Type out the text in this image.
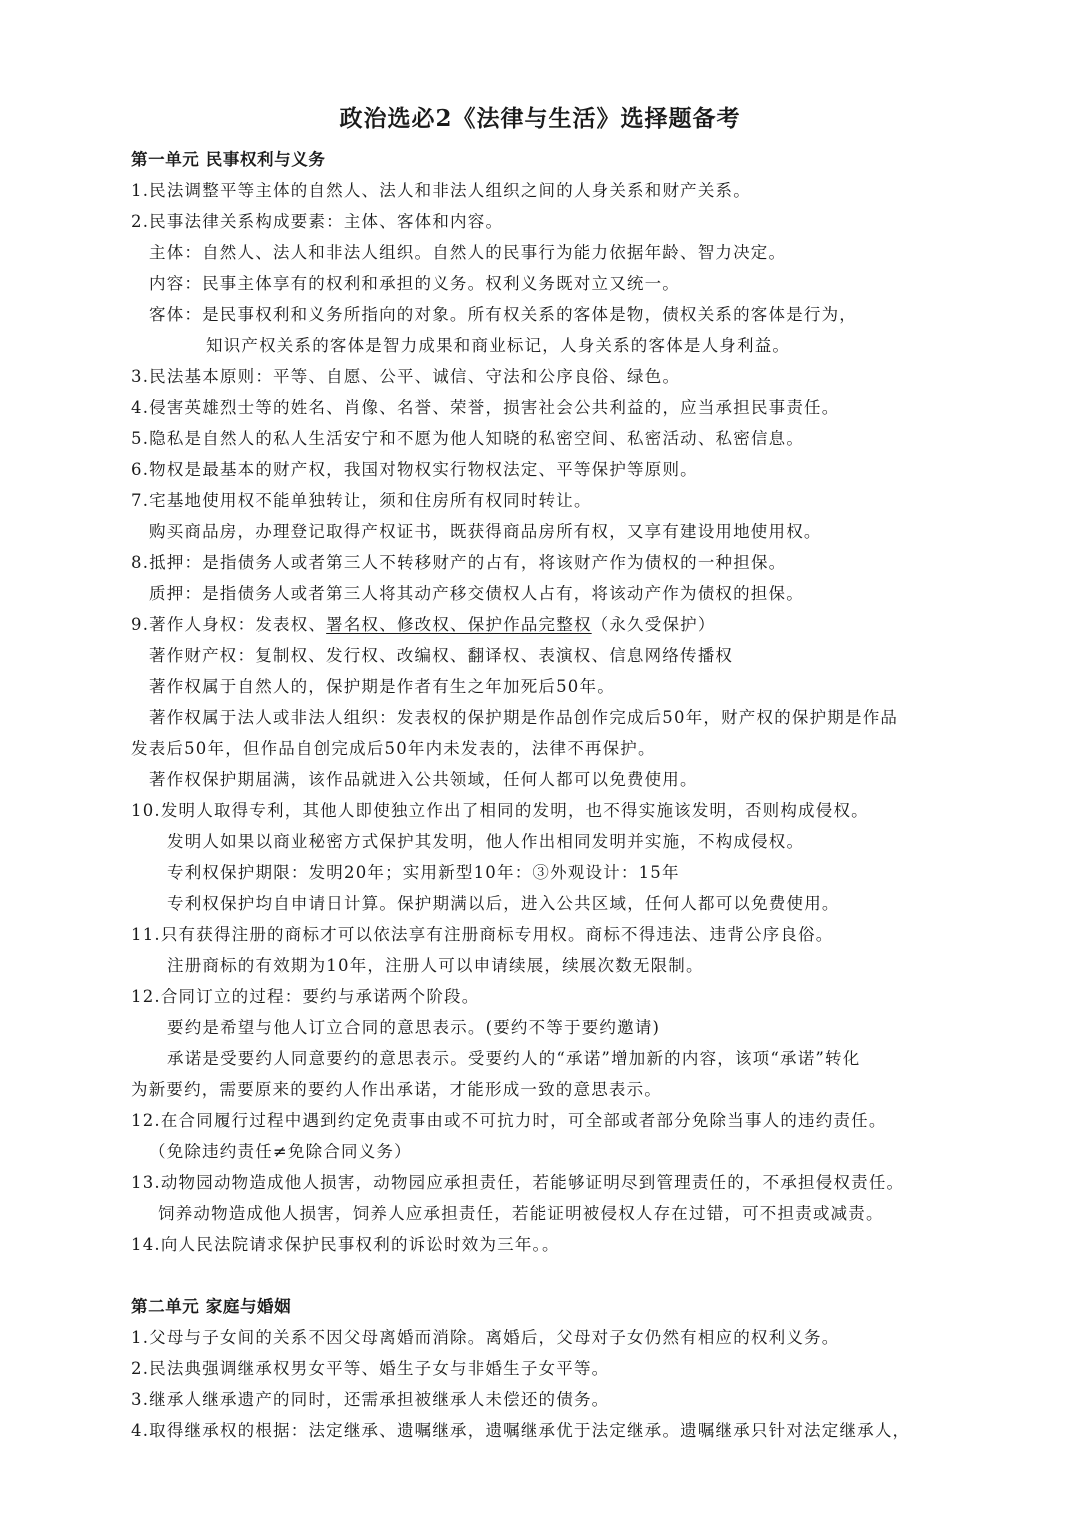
政治选必2《法律与生活》选择题备考
第一单元 民事权利与义务
1.民法调整平等主体的自然人、法人和非法人组织之间的人身关系和财产关系。
2.民事法律关系构成要素：主体、客体和内容。
主体：自然人、法人和非法人组织。自然人的民事行为能力依据年龄、智力决定。
内容：民事主体享有的权利和承担的义务。权利义务既对立又统一。
客体：是民事权利和义务所指向的对象。所有权关系的客体是物，债权关系的客体是行为，
知识产权关系的客体是智力成果和商业标记，人身关系的客体是人身利益。
3.民法基本原则：平等、自愿、公平、诚信、守法和公序良俗、绿色。
4.侵害英雄烈士等的姓名、肖像、名誉、荣誉，损害社会公共利益的，应当承担民事责任。
5.隐私是自然人的私人生活安宁和不愿为他人知晓的私密空间、私密活动、私密信息。
6.物权是最基本的财产权，我国对物权实行物权法定、平等保护等原则。
7.宅基地使用权不能单独转让，须和住房所有权同时转让。
购买商品房，办理登记取得产权证书，既获得商品房所有权，又享有建设用地使用权。
8.抵押：是指债务人或者第三人不转移财产的占有，将该财产作为债权的一种担保。
质押：是指债务人或者第三人将其动产移交债权人占有，将该动产作为债权的担保。
9.著作人身权：发表权、署名权、修改权、保护作品完整权（永久受保护）
著作财产权：复制权、发行权、改编权、翻译权、表演权、信息网络传播权
著作权属于自然人的，保护期是作者有生之年加死后50年。
著作权属于法人或非法人组织：发表权的保护期是作品创作完成后50年，财产权的保护期是作品
发表后50年，但作品自创完成后50年内未发表的，法律不再保护。
著作权保护期届满，该作品就进入公共领域，任何人都可以免费使用。
10.发明人取得专利，其他人即使独立作出了相同的发明，也不得实施该发明，否则构成侵权。
发明人如果以商业秘密方式保护其发明，他人作出相同发明并实施，不构成侵权。
专利权保护期限：发明20年；实用新型10年：③外观设计：15年
专利权保护均自申请日计算。保护期满以后，进入公共区域，任何人都可以免费使用。
11.只有获得注册的商标才可以依法享有注册商标专用权。商标不得违法、违背公序良俗。
注册商标的有效期为10年，注册人可以申请续展，续展次数无限制。
12.合同订立的过程：要约与承诺两个阶段。
要约是希望与他人订立合同的意思表示。(要约不等于要约邀请)
承诺是受要约人同意要约的意思表示。受要约人的“承诺”增加新的内容，该项“承诺”转化
为新要约，需要原来的要约人作出承诺，才能形成一致的意思表示。
12.在合同履行过程中遇到约定免责事由或不可抗力时，可全部或者部分免除当事人的违约责任。
（免除违约责任≠免除合同义务）
13.动物园动物造成他人损害，动物园应承担责任，若能够证明尽到管理责任的，不承担侵权责任。
饲养动物造成他人损害，饲养人应承担责任，若能证明被侵权人存在过错，可不担责或减责。
14.向人民法院请求保护民事权利的诉讼时效为三年。。
第二单元 家庭与婚姻
1.父母与子女间的关系不因父母离婚而消除。离婚后，父母对子女仍然有相应的权利义务。
2.民法典强调继承权男女平等、婚生子女与非婚生子女平等。
3.继承人继承遗产的同时，还需承担被继承人未偿还的债务。
4.取得继承权的根据：法定继承、遗嘱继承，遗嘱继承优于法定继承。遗嘱继承只针对法定继承人，
